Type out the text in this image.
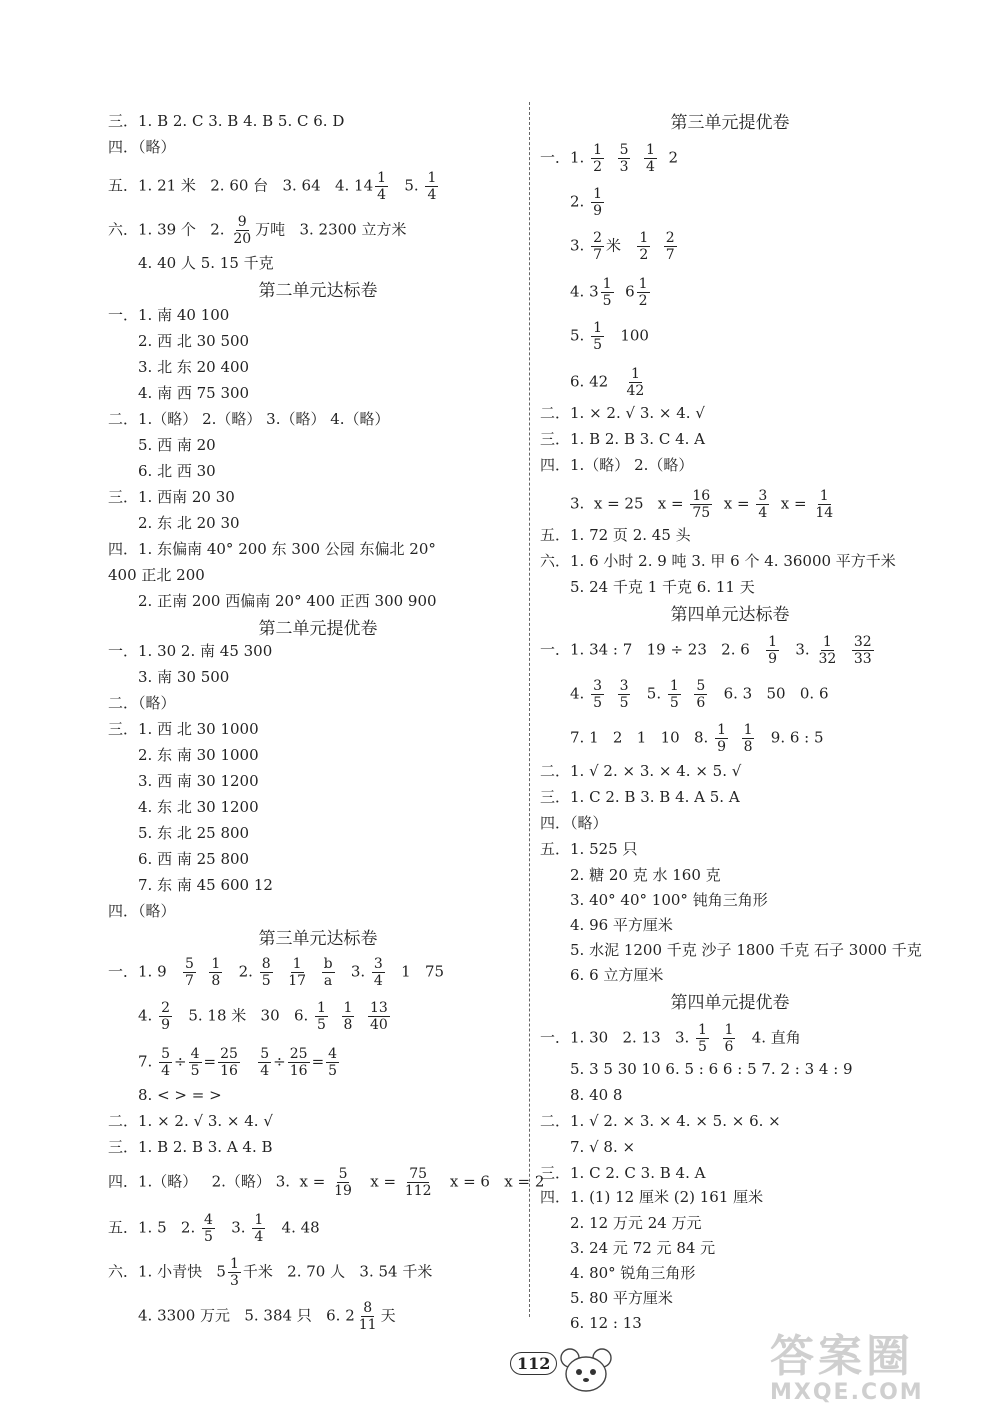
三．1. B 2. C 3. B 4. B 5. C 6. D
四．（略）
五．1. 21 米   2. 60 台   3. 64   4. $14 \frac{1}{4} 5$. $\frac{1}{4}$
六．1. 39 个   2. $\frac{9}{20}$ 万吨   3. 2300 立方米
4. 40 人 5. 15 千克
第二单元达标卷
一．1. 南 40 100
2. 西 北 30 500
3. 北 东 20 400
4. 南 西 75 300
二．1.（略） 2.（略） 3.（略） 4.（略）
5. 西 南 20
6. 北 西 30
三．1. 西南 20 30
2. 东 北 20 30
四．1. 东偏南 40° 200 东 300 公园 东偏北 20°
400 正北 200
2. 正南 200 西偏南 20° 400 正西 300 900
第二单元提优卷
一．1. 30 2. 南 45 300
3. 南 30 500
二．（略）
三．1. 西 北 30 1000
2. 东 南 30 1000
3. 西 南 30 1200
4. 东 北 30 1200
5. 东 北 25 800
6. 西 南 25 800
7. 东 南 45 600 12
四．（略）
第三单元达标卷
一．1. $9 \frac{5}{7}$
$\frac{1}{8} 2$. $\frac{8}{5}$
$\frac{1}{17}$
$\frac{b}{a} 3$. $\frac{3}{4} 1$   75
4. $\frac{2}{9} 5$. 18 米   30   6. $\frac{1}{5}$
$\frac{1}{8}$
$\frac{13}{40}$
7. $\frac{5}{4} \div \frac{4}{5} = \frac{25}{16}$
$\frac{5}{4} \div \frac{25}{16} = \frac{4}{5}$
8. < > = >
二．1. × 2. √ 3. × 4. √
三．1. B 2. B 3. A 4. B
四．1.（略）   2.（略） 3.  $x = \frac{5}{19}$ $x = \frac{75}{112}$ x = 6   x = 2
五．1. 5   2. $\frac{4}{5} 3$. $\frac{1}{4} 4$. 48
六．1. 小青快   $5 \frac{1}{3}$ 千米   2. 70 人   3. 54 千米
4. 3300 万元   5. 384 只   6. $2 \frac{8}{11}$ 天
第三单元提优卷
一．1. $\frac{1}{2}$
$\frac{5}{3}$
$\frac{1}{4} 2$
2. $\frac{1}{9}$
3. $\frac{2}{7}$ 米 $\frac{1}{2}$
$\frac{2}{7}$
4. $3 \frac{1}{5} 6 \frac{1}{2}$
5. $\frac{1}{5} 100$
6. $42 \frac{1}{42}$
二．1. × 2. √ 3. × 4. √
三．1. B 2. B 3. C 4. A
四．1.（略） 2.（略）
3.  x = 25   $x = \frac{16}{75}$ $x = \frac{3}{4}$ $x = \frac{1}{14}$
五．1. 72 页 2. 45 头
六．1. 6 小时 2. 9 吨 3. 甲 6 个 4. 36000 平方千米
5. 24 千克 1 千克 6. 11 天
第四单元达标卷
一．1. 34 : 7   19 ÷ 23   2. $6 \frac{1}{9} 3$. $\frac{1}{32}$
$\frac{32}{33}$
4. $\frac{3}{5}$
$\frac{3}{5} 5$. $\frac{1}{5}$
$\frac{5}{6} 6$. 3   50   0. 6
7. 1   2   1   10   8. $\frac{1}{9}$
$\frac{1}{8} 9$. 6 : 5
二．1. √ 2. × 3. × 4. × 5. √
三．1. C 2. B 3. B 4. A 5. A
四．（略）
五．1. 525 只
2. 糖 20 克 水 160 克
3. 40° 40° 100° 钝角三角形
4. 96 平方厘米
5. 水泥 1200 千克 沙子 1800 千克 石子 3000 千克
6. 6 立方厘米
第四单元提优卷
一．1. 30   2. 13   3. $\frac{1}{5}$
$\frac{1}{6} 4$. 直角
5. 3 5 30 10 6. 5 : 6 6 : 5 7. 2 : 3 4 : 9
8. 40 8
二．1. √ 2. × 3. × 4. × 5. × 6. ×
7. √ 8. ×
三．1. C 2. C 3. B 4. A
四．1. (1) 12 厘米 (2) 161 厘米
2. 12 万元 24 万元
3. 24 元 72 元 84 元
4. 80° 锐角三角形
5. 80 平方厘米
6. 12 : 13
112	答案圈
MXQE.COM
